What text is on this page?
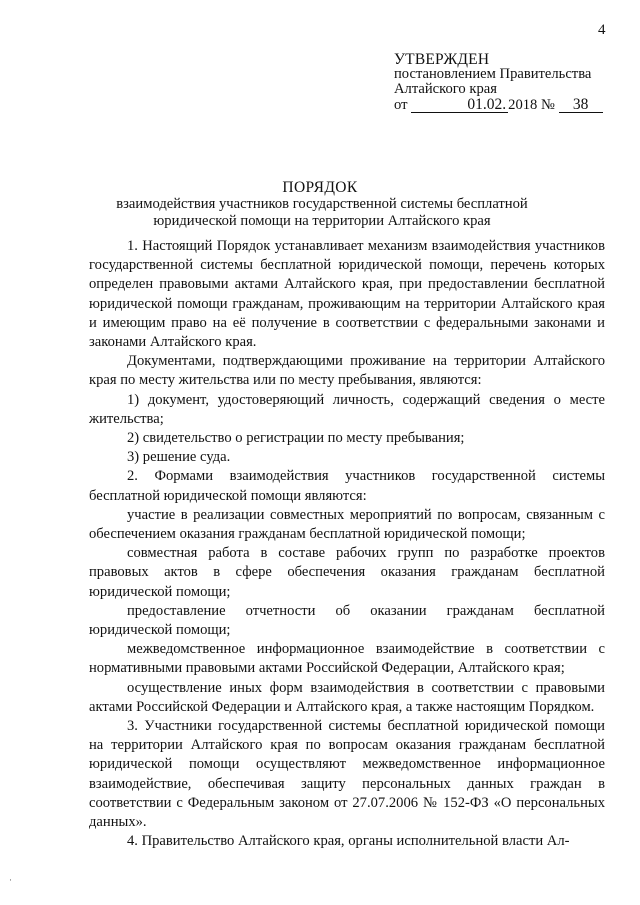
4
УТВЕРЖДЕН
постановлением Правительства
Алтайского края
от	01.02. 2018 № 38
ПОРЯДОК
взаимодействия участников государственной системы бесплатной юридической помощи на территории Алтайского края

1. Настоящий Порядок устанавливает механизм взаимодействия участников государственной системы бесплатной юридической помощи, перечень которых определен правовыми актами Алтайского края, при предоставлении бесплатной юридической помощи гражданам, проживающим на территории Алтайского края и имеющим право на её получение в соответствии с федеральными законами и законами Алтайского края.

Документами, подтверждающими проживание на территории Алтайского края по месту жительства или по месту пребывания, являются:

1) документ, удостоверяющий личность, содержащий сведения о месте жительства;

2) свидетельство о регистрации по месту пребывания;

3) решение суда.

2. Формами взаимодействия участников государственной системы бесплатной юридической помощи являются:

участие в реализации совместных мероприятий по вопросам, связанным с обеспечением оказания гражданам бесплатной юридической помощи;

совместная работа в составе рабочих групп по разработке проектов правовых актов в сфере обеспечения оказания гражданам бесплатной юридической помощи;

предоставление отчетности об оказании гражданам бесплатной юридической помощи;

межведомственное информационное взаимодействие в соответствии с нормативными правовыми актами Российской Федерации, Алтайского края;

осуществление иных форм взаимодействия в соответствии с правовыми актами Российской Федерации и Алтайского края, а также настоящим Порядком.

3. Участники государственной системы бесплатной юридической помощи на территории Алтайского края по вопросам оказания гражданам бесплатной юридической помощи осуществляют межведомственное информационное взаимодействие, обеспечивая защиту персональных данных граждан в соответствии с Федеральным законом от 27.07.2006 № 152-ФЗ «О персональных данных».

4. Правительство Алтайского края, органы исполнительной власти Ал-

·
